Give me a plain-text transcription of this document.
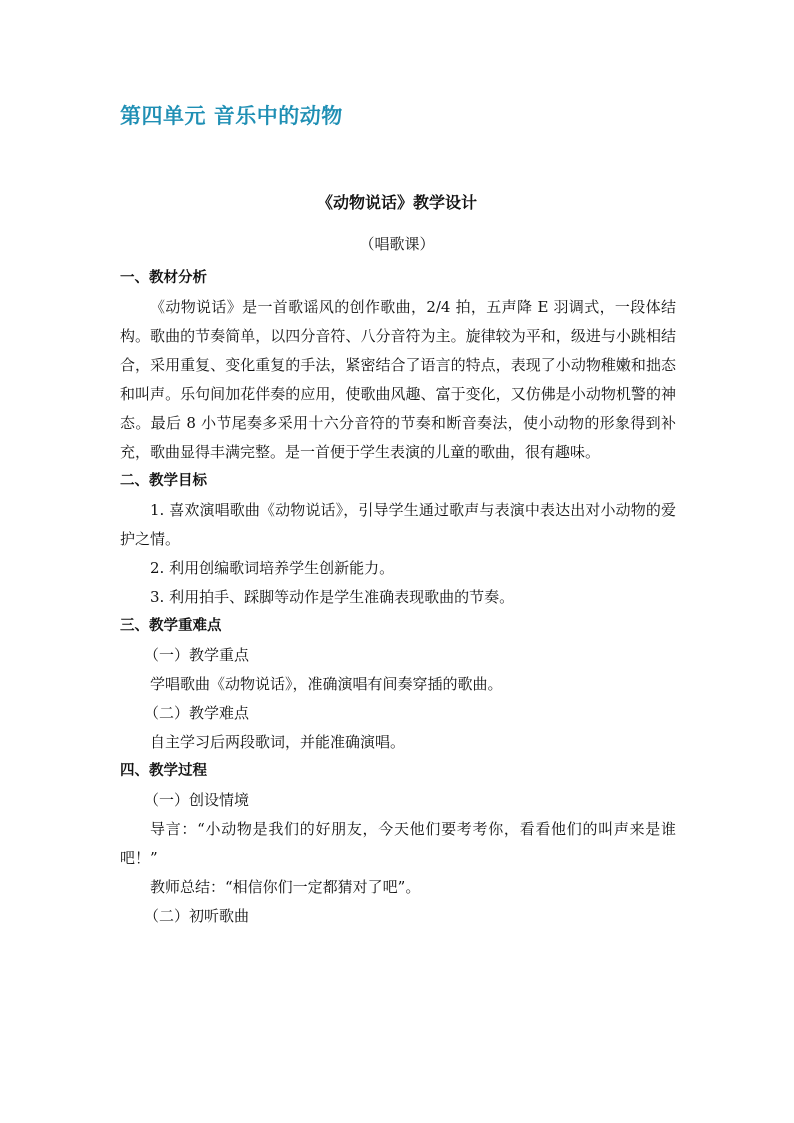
第四单元 音乐中的动物
《动物说话》教学设计
（唱歌课）

一、教材分析

《动物说话》是一首歌谣风的创作歌曲，2/4 拍，五声降 E 羽调式，一段体结构。歌曲的节奏简单，以四分音符、八分音符为主。旋律较为平和，级进与小跳相结合，采用重复、变化重复的手法，紧密结合了语言的特点，表现了小动物稚嫩和拙态和叫声。乐句间加花伴奏的应用，使歌曲风趣、富于变化，又仿佛是小动物机警的神态。最后 8 小节尾奏多采用十六分音符的节奏和断音奏法，使小动物的形象得到补充，歌曲显得丰满完整。是一首便于学生表演的儿童的歌曲，很有趣味。

二、教学目标

1. 喜欢演唱歌曲《动物说话》，引导学生通过歌声与表演中表达出对小动物的爱护之情。

2. 利用创编歌词培养学生创新能力。

3. 利用拍手、踩脚等动作是学生准确表现歌曲的节奏。

三、教学重难点

（一）教学重点

学唱歌曲《动物说话》，准确演唱有间奏穿插的歌曲。

（二）教学难点

自主学习后两段歌词，并能准确演唱。

四、教学过程

（一）创设情境

导言：“小动物是我们的好朋友，今天他们要考考你，看看他们的叫声来是谁吧！”

教师总结：“相信你们一定都猜对了吧”。

（二）初听歌曲
